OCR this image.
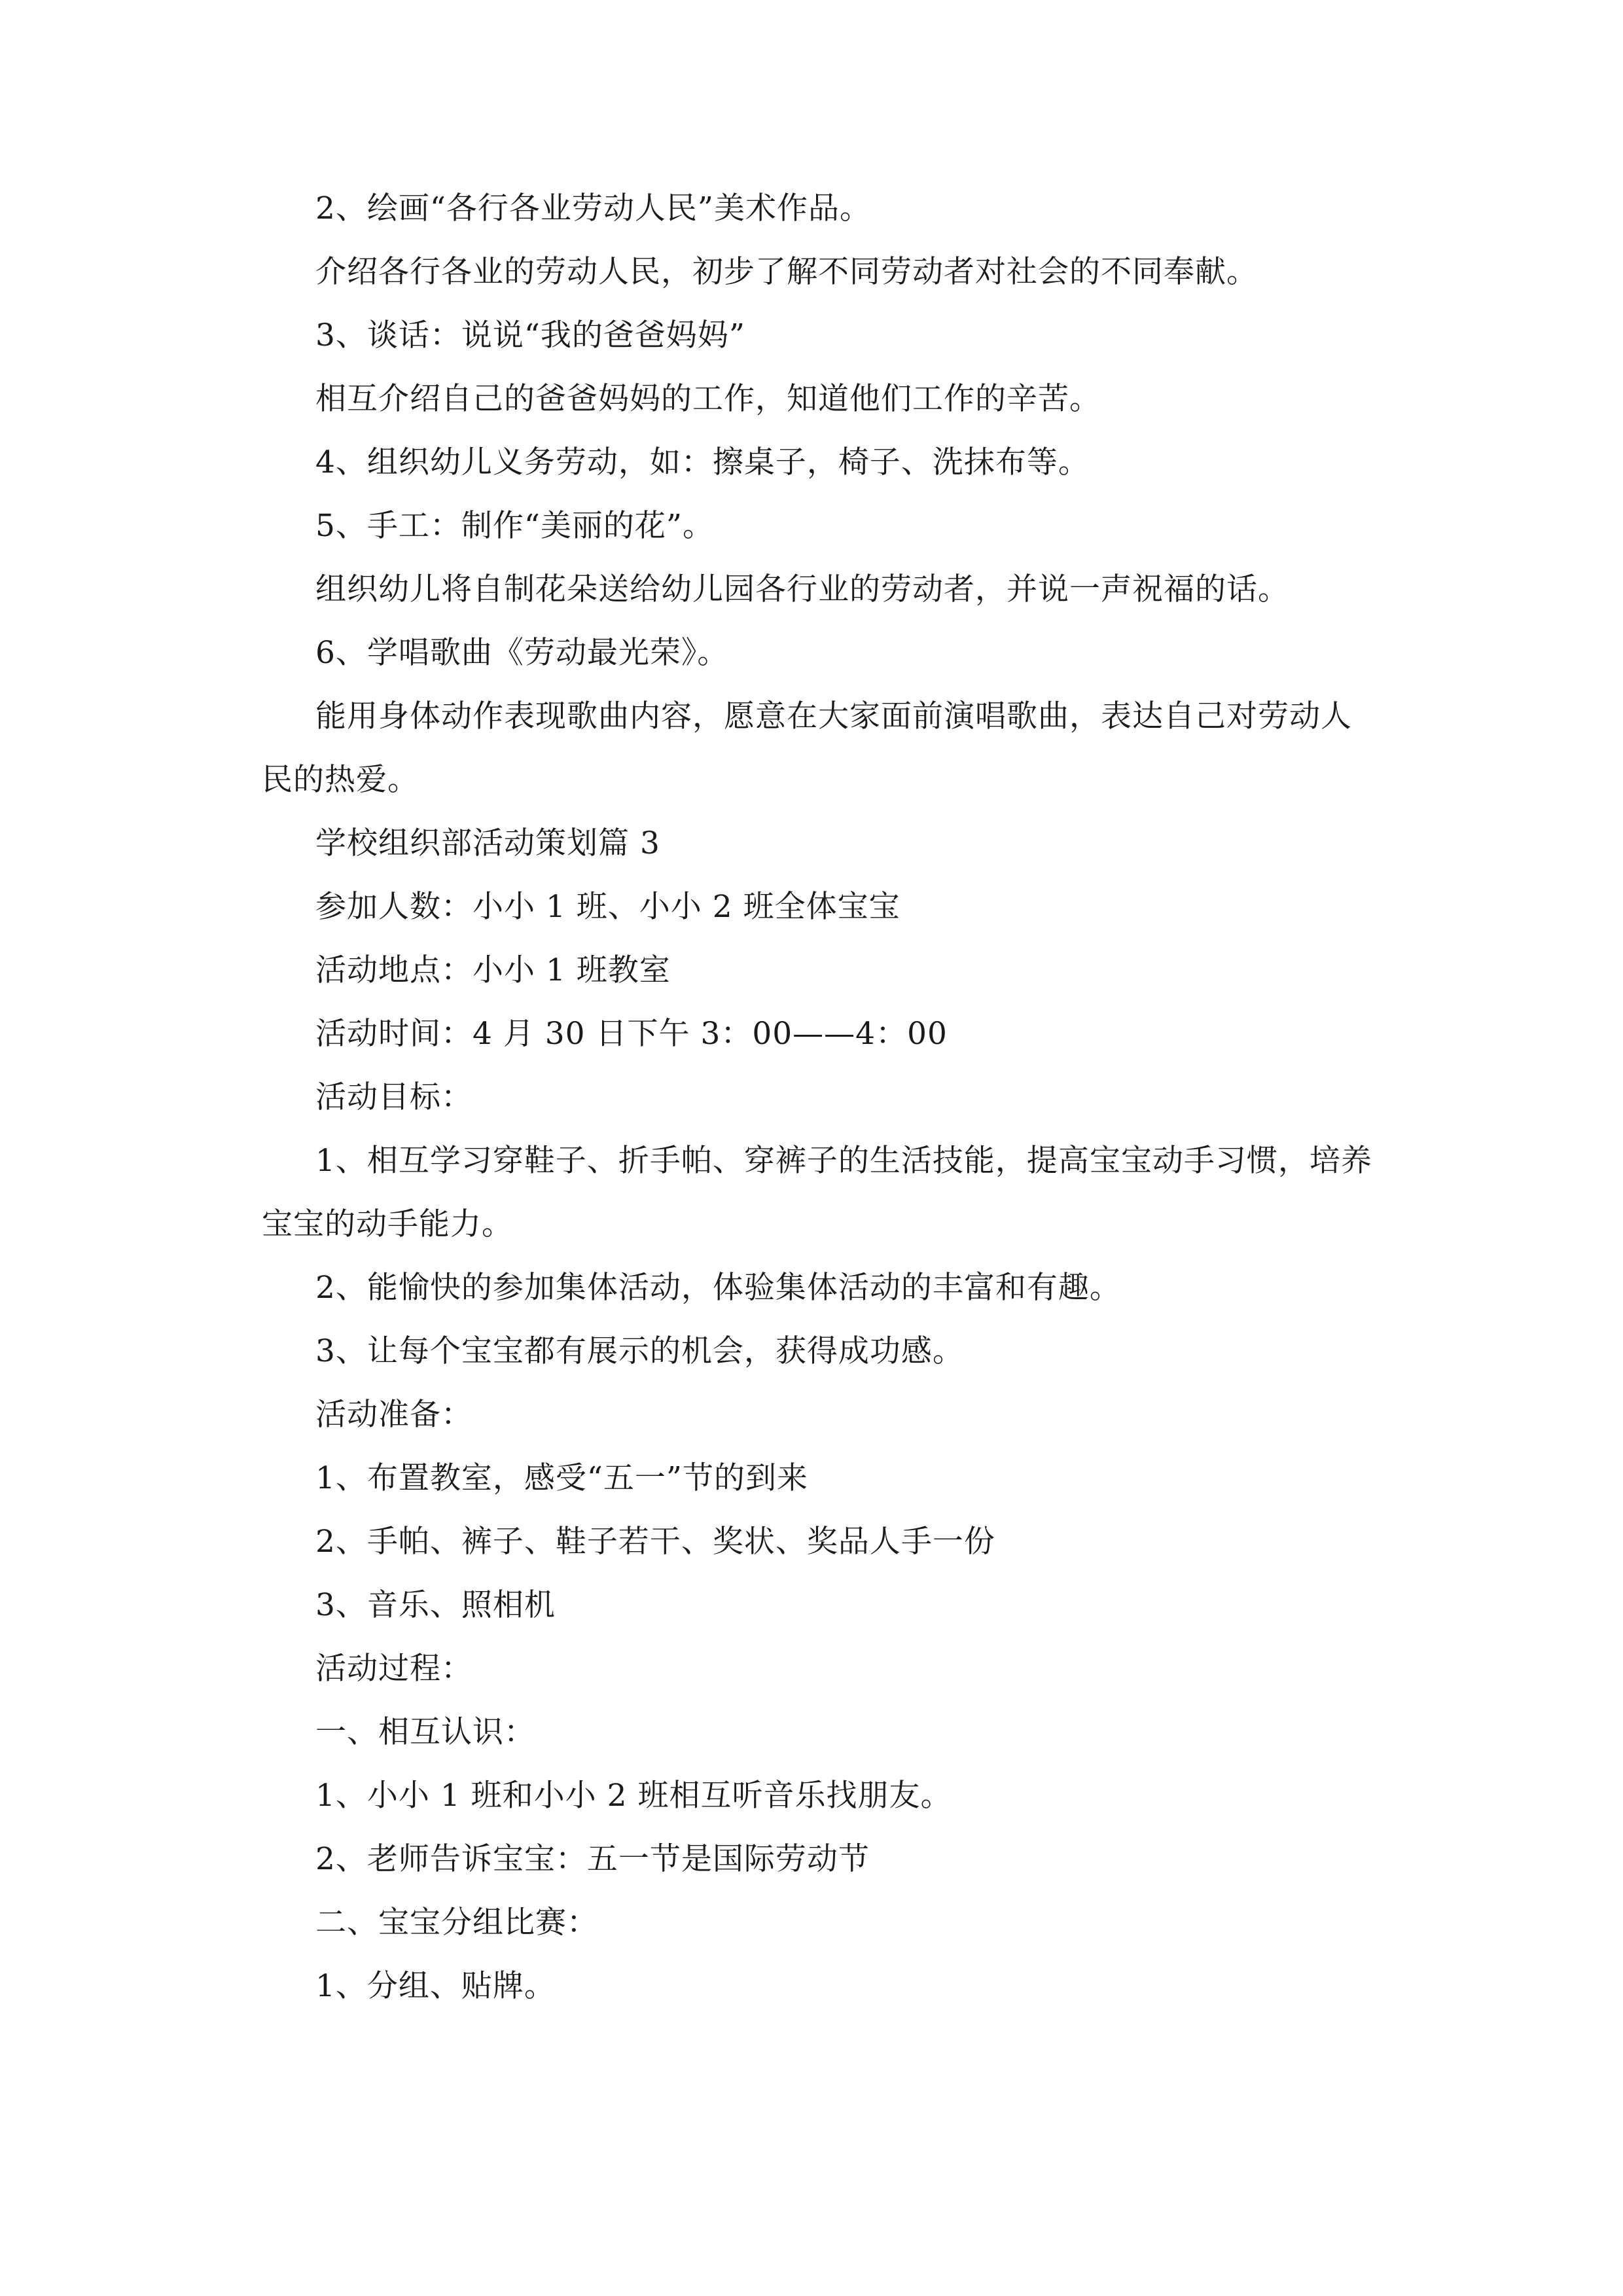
2、绘画“各行各业劳动人民”美术作品。

介绍各行各业的劳动人民，初步了解不同劳动者对社会的不同奉献。

3、谈话：说说“我的爸爸妈妈”

相互介绍自己的爸爸妈妈的工作，知道他们工作的辛苦。

4、组织幼儿义务劳动，如：擦桌子，椅子、洗抹布等。

5、手工：制作“美丽的花”。

组织幼儿将自制花朵送给幼儿园各行业的劳动者，并说一声祝福的话。

6、学唱歌曲《劳动最光荣》。

能用身体动作表现歌曲内容，愿意在大家面前演唱歌曲，表达自己对劳动人民的热爱。

学校组织部活动策划篇 3

参加人数：小小 1 班、小小 2 班全体宝宝

活动地点：小小 1 班教室

活动时间：4 月 30 日下午 3：00——4：00

活动目标：

1、相互学习穿鞋子、折手帕、穿裤子的生活技能，提高宝宝动手习惯，培养宝宝的动手能力。

2、能愉快的参加集体活动，体验集体活动的丰富和有趣。

3、让每个宝宝都有展示的机会，获得成功感。

活动准备：

1、布置教室，感受“五一”节的到来

2、手帕、裤子、鞋子若干、奖状、奖品人手一份

3、音乐、照相机

活动过程：

一、相互认识：

1、小小 1 班和小小 2 班相互听音乐找朋友。

2、老师告诉宝宝：五一节是国际劳动节

二、宝宝分组比赛：

1、分组、贴牌。
